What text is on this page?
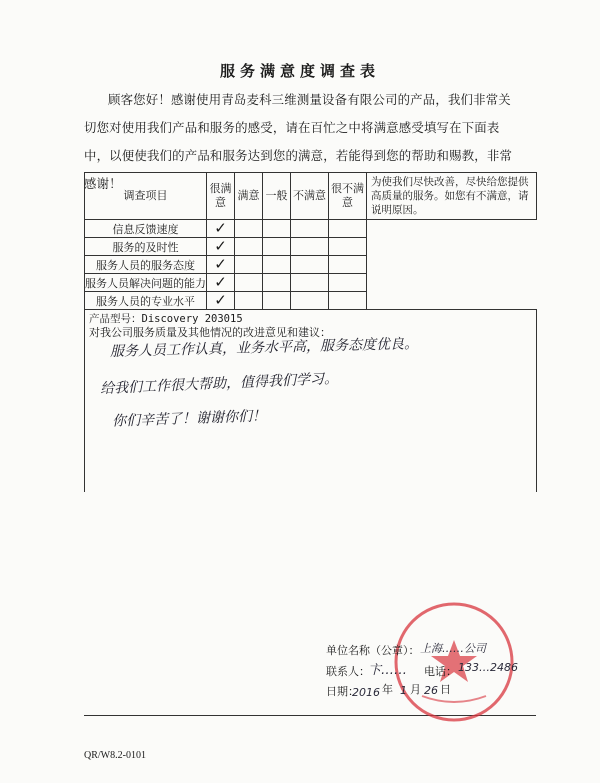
服务满意度调查表
顾客您好！感谢使用青岛麦科三维测量设备有限公司的产品，我们非常关切您对使用我们产品和服务的感受，请在百忙之中将满意感受填写在下面表中，以便使我们的产品和服务达到您的满意，若能得到您的帮助和赐教，非常感谢！
调查项目	很满意	满意	一般	不满意	很不满意	为使我们尽快改善，尽快给您提供高质量的服务。如您有不满意，请说明原因。
信息反馈速度	✓					
服务的及时性	✓					
服务人员的服务态度	✓					
服务人员解决问题的能力	✓					
服务人员的专业水平	✓					

产品型号：Discovery 203015
对我公司服务质量及其他情况的改进意见和建议：						
服务人员工作认真，业务水平高，服务态度优良。
给我们工作很大帮助，值得我们学习。
你们辛苦了！谢谢你们！
单位名称（公章）： 上海……公司
联系人：
卞…… 电话： 133…2486
日期：
2016 年 1 月 26 日
QR/W8.2-0101
